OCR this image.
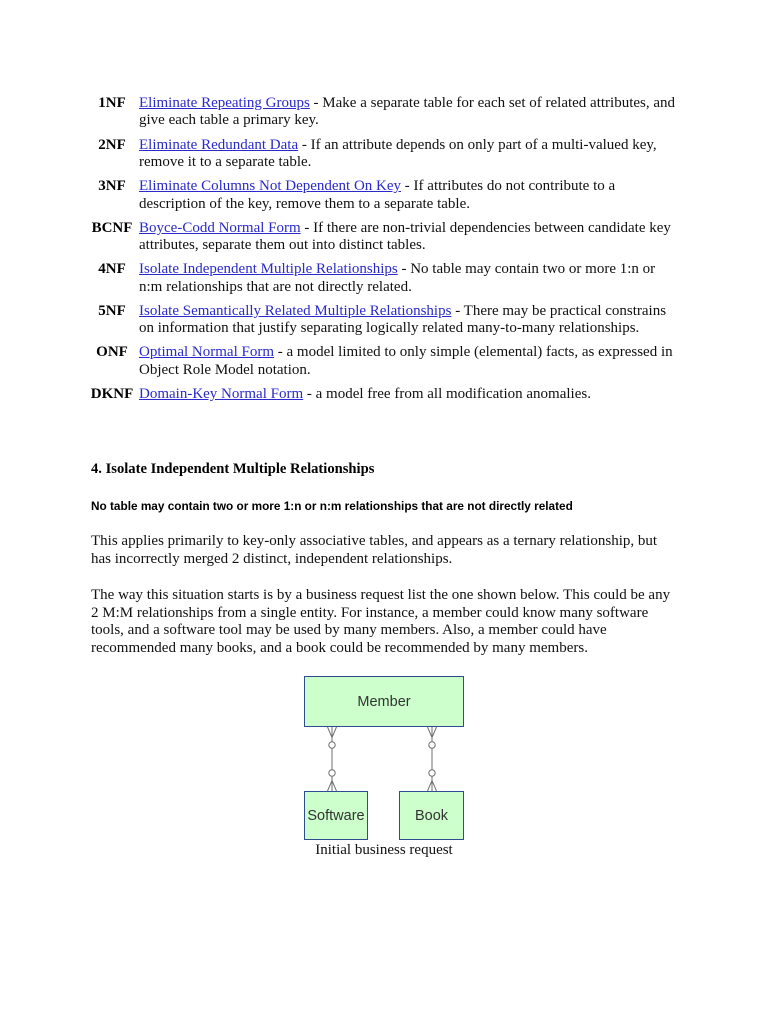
1NF Eliminate Repeating Groups - Make a separate table for each set of related attributes, and give each table a primary key.
2NF Eliminate Redundant Data - If an attribute depends on only part of a multi-valued key, remove it to a separate table.
3NF Eliminate Columns Not Dependent On Key - If attributes do not contribute to a description of the key, remove them to a separate table.
BCNF Boyce-Codd Normal Form - If there are non-trivial dependencies between candidate key attributes, separate them out into distinct tables.
4NF Isolate Independent Multiple Relationships - No table may contain two or more 1:n or n:m relationships that are not directly related.
5NF Isolate Semantically Related Multiple Relationships - There may be practical constrains on information that justify separating logically related many-to-many relationships.
ONF Optimal Normal Form - a model limited to only simple (elemental) facts, as expressed in Object Role Model notation.
DKNF Domain-Key Normal Form - a model free from all modification anomalies.
4. Isolate Independent Multiple Relationships
No table may contain two or more 1:n or n:m relationships that are not directly related

This applies primarily to key-only associative tables, and appears as a ternary relationship, but has incorrectly merged 2 distinct, independent relationships.

The way this situation starts is by a business request list the one shown below. This could be any 2 M:M relationships from a single entity. For instance, a member could know many software tools, and a software tool may be used by many members. Also, a member could have recommended many books, and a book could be recommended by many members.

Member
Software	Book
Initial business request
